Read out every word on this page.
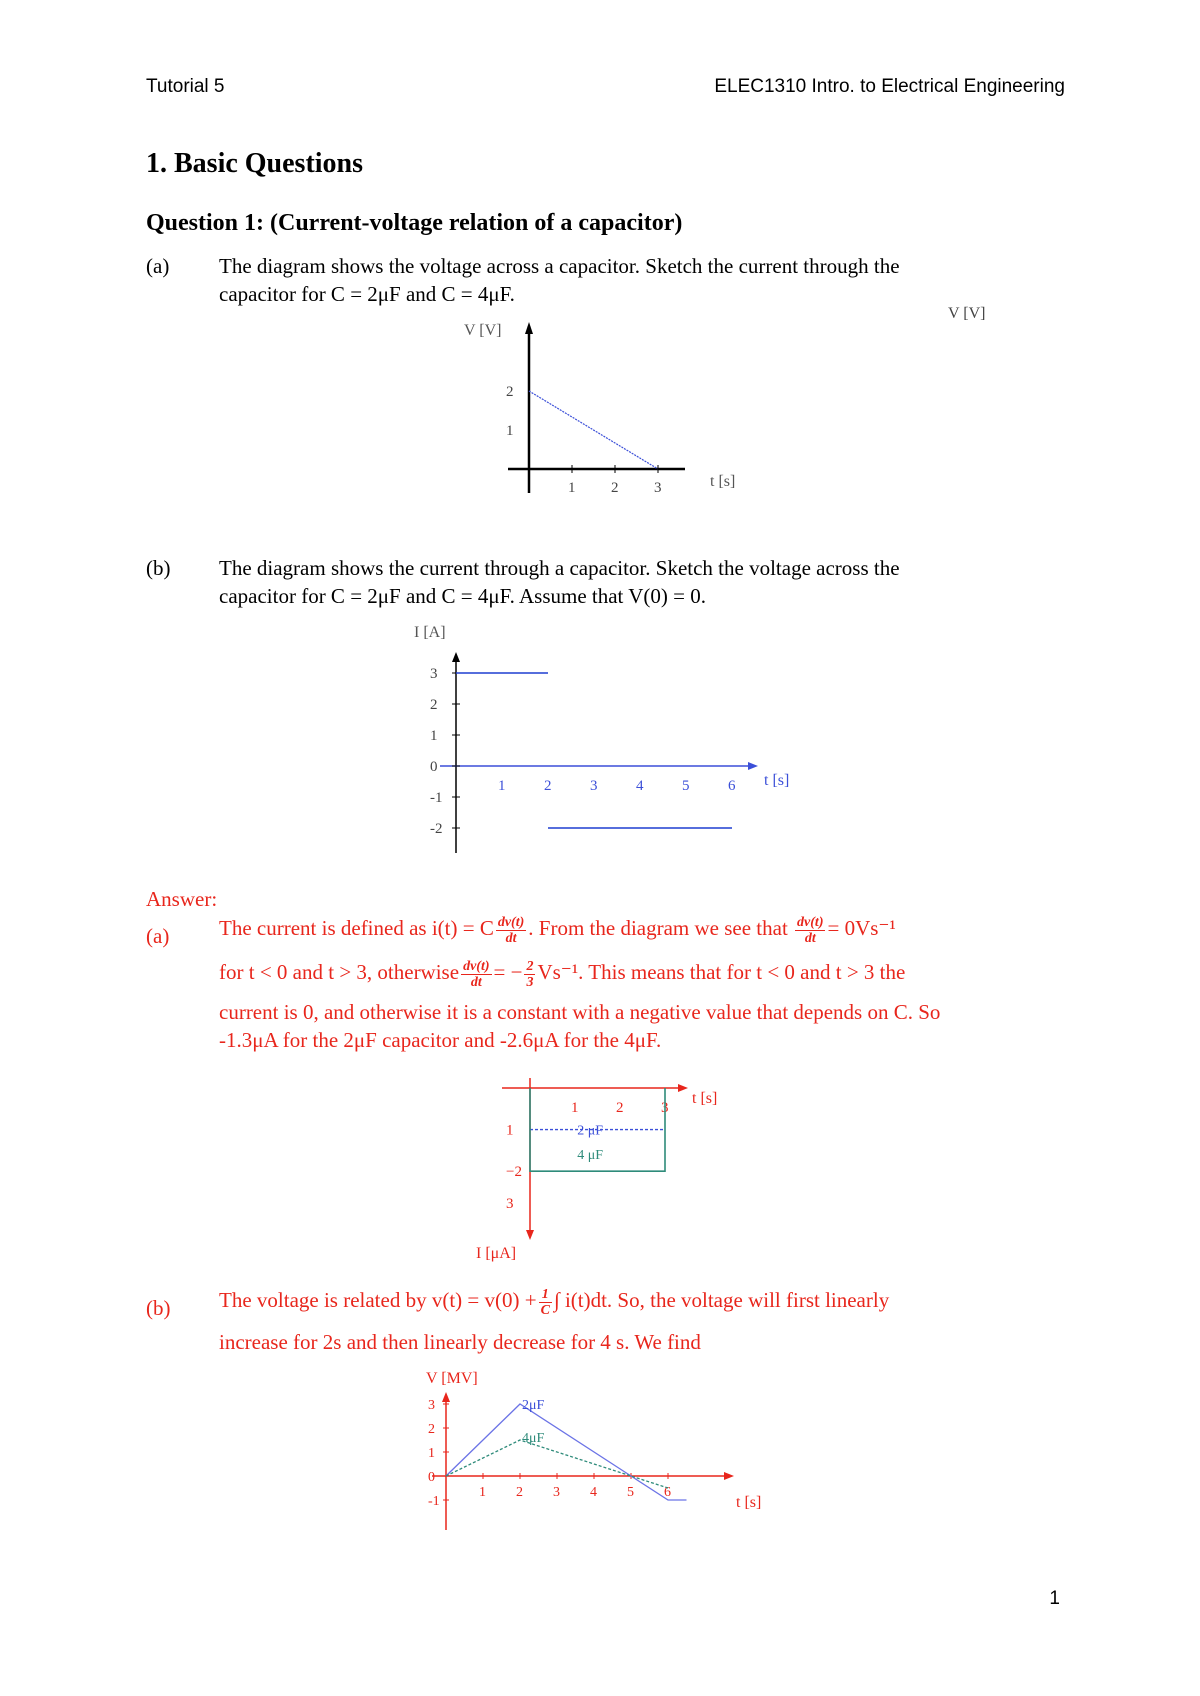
Tutorial 5	ELEC1310 Intro. to Electrical Engineering
1. Basic Questions
Question 1: (Current-voltage relation of a capacitor)
(a) The diagram shows the voltage across a capacitor. Sketch the current through the
capacitor for C = 2μF and C = 4μF.
V [V]
1 2 3
1
2
V [V]
t [s]
(b) The diagram shows the current through a capacitor. Sketch the voltage across the
capacitor for C = 2μF and C = 4μF. Assume that V(0) = 0.
1	2	3	4	5	6
3
2
1
0
-1
-2
I [A]
t [s]
Answer:
(a) The current is defined as i(t) = C $\frac{dv(t)}{dt}$ . From the diagram we see that $\frac{dv(t)}{dt} = 0Vs^{-1}$
for t < 0 and t > 3, otherwise $\frac{dv(t)}{dt}$ = − $\frac{2}{3} Vs^{-1}$. This means that for t < 0 and t > 3 the
current is 0, and otherwise it is a constant with a negative value that depends on C. So
-1.3μA for the 2μF capacitor and -2.6μA for the 4μF.
1	2	3
1
−2
3
2 μF
4 μF
I [μA]
t [s]
(b) The voltage is related by $v(t) = v(0) + \frac{1}{C}$ ∫ i(t)dt. So, the voltage will first linearly
increase for 2s and then linearly decrease for 4 s. We find
1 2 3 4 5 6
3
2
1
0
-1
2μF
4μF
V [MV]
t [s]
1
